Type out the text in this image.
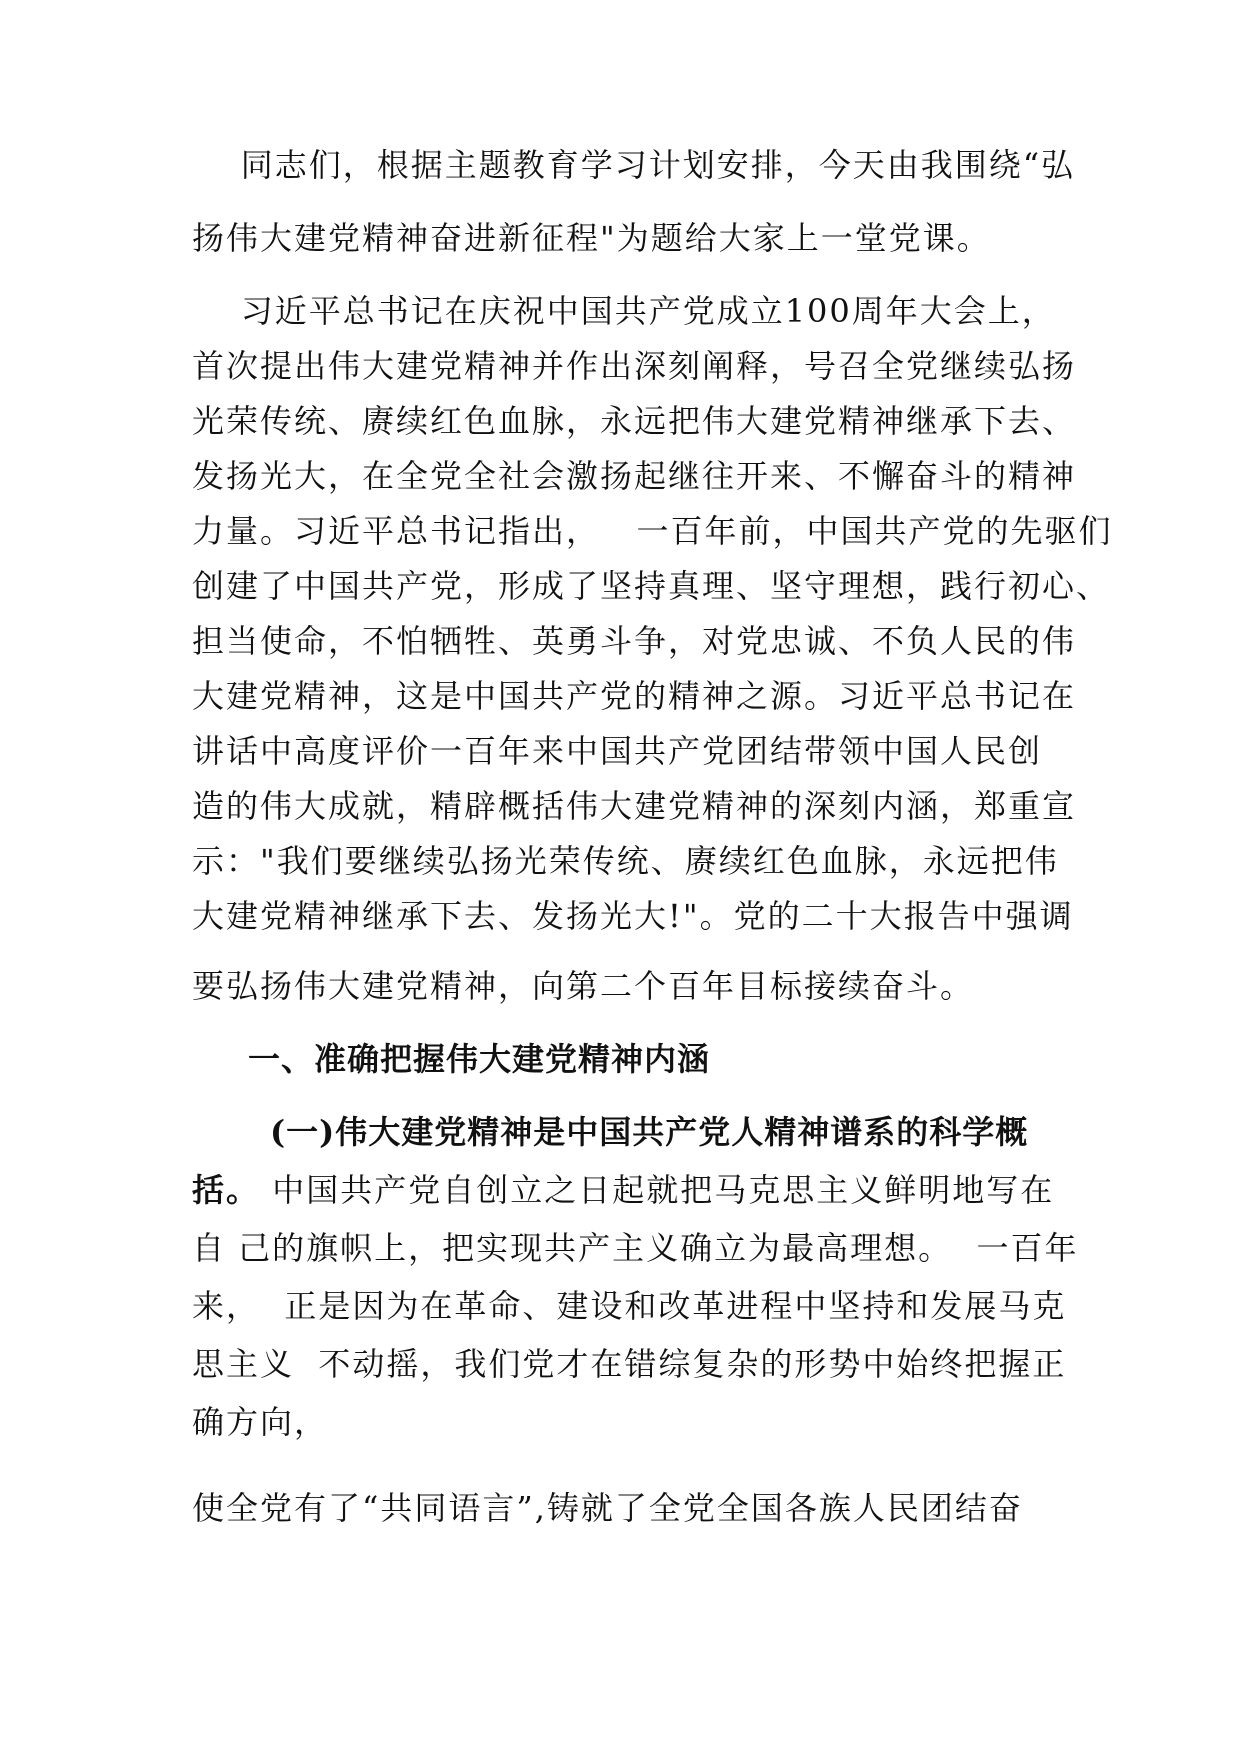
同志们，根据主题教育学习计划安排，今天由我围绕“弘
扬伟大建党精神奋进新征程"为题给大家上一堂党课。
习近平总书记在庆祝中国共产党成立100周年大会上，
首次提出伟大建党精神并作出深刻阐释，号召全党继续弘扬
光荣传统、赓续红色血脉，永远把伟大建党精神继承下去、
发扬光大，在全党全社会激扬起继往开来、不懈奋斗的精神
力量。习近平总书记指出，   一百年前，中国共产党的先驱们
创建了中国共产党，形成了坚持真理、坚守理想，践行初心、
担当使命，不怕牺牲、英勇斗争，对党忠诚、不负人民的伟
大建党精神，这是中国共产党的精神之源。习近平总书记在
讲话中高度评价一百年来中国共产党团结带领中国人民创
造的伟大成就，精辟概括伟大建党精神的深刻内涵，郑重宣
示："我们要继续弘扬光荣传统、赓续红色血脉，永远把伟
大建党精神继承下去、发扬光大!"。党的二十大报告中强调
要弘扬伟大建党精神，向第二个百年目标接续奋斗。
一、准确把握伟大建党精神内涵
(一)伟大建党精神是中国共产党人精神谱系的科学概
括。 中国共产党自创立之日起就把马克思主义鲜明地写在
自 己的旗帜上，把实现共产主义确立为最高理想。  一百年
来，  正是因为在革命、建设和改革进程中坚持和发展马克
思主义  不动摇，我们党才在错综复杂的形势中始终把握正
确方向，
使全党有了“共同语言”,铸就了全党全国各族人民团结奋
